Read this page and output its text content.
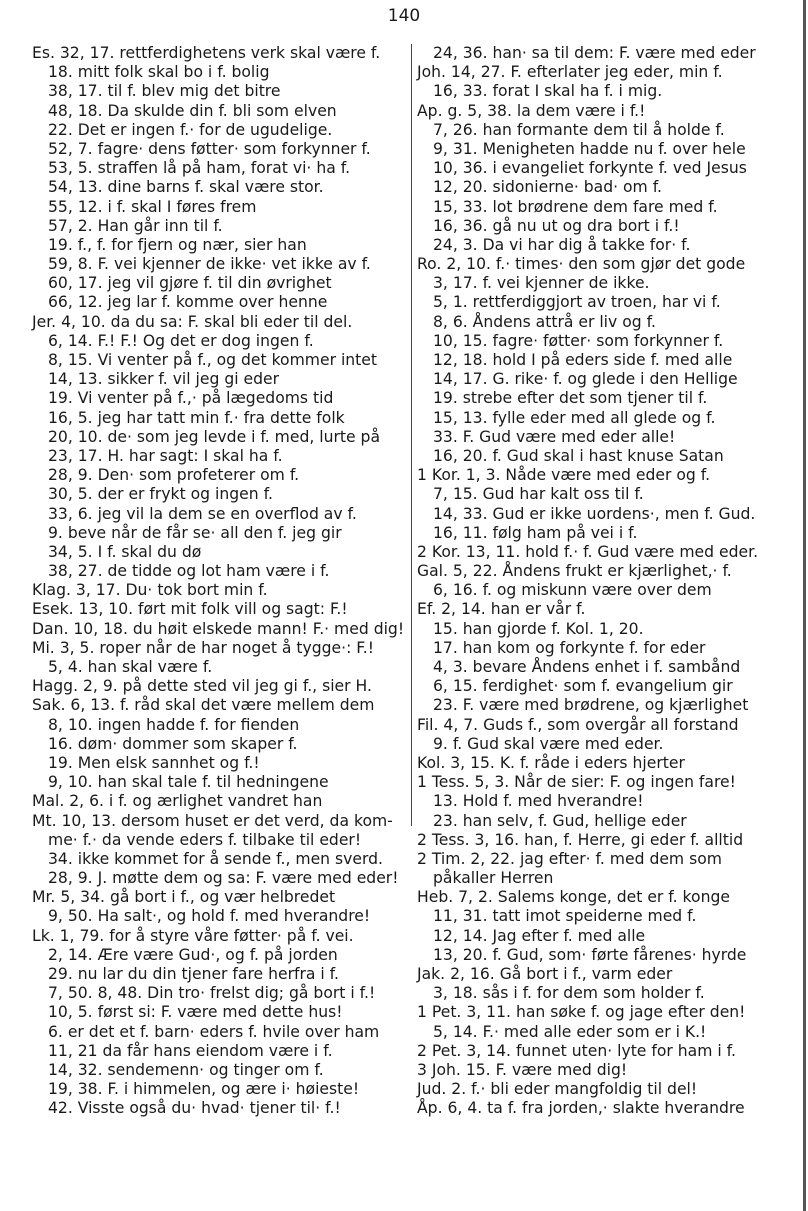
140
Es. 32, 17. rettferdighetens verk skal være f.
18. mitt folk skal bo i f. bolig
38, 17. til f. blev mig det bitre
48, 18. Da skulde din f. bli som elven
22. Det er ingen f.· for de ugudelige.
52, 7. fagre· dens føtter· som forkynner f.
53, 5. straffen lå på ham, forat vi· ha f.
54, 13. dine barns f. skal være stor.
55, 12. i f. skal I føres frem
57, 2. Han går inn til f.
19. f., f. for fjern og nær, sier han
59, 8. F. vei kjenner de ikke· vet ikke av f.
60, 17. jeg vil gjøre f. til din øvrighet
66, 12. jeg lar f. komme over henne
Jer. 4, 10. da du sa: F. skal bli eder til del.
6, 14. F.! F.! Og det er dog ingen f.
8, 15. Vi venter på f., og det kommer intet
14, 13. sikker f. vil jeg gi eder
19. Vi venter på f.,· på lægedoms tid
16, 5. jeg har tatt min f.· fra dette folk
20, 10. de· som jeg levde i f. med, lurte på
23, 17. H. har sagt: I skal ha f.
28, 9. Den· som profeterer om f.
30, 5. der er frykt og ingen f.
33, 6. jeg vil la dem se en overflod av f.
9. beve når de får se· all den f. jeg gir
34, 5. I f. skal du dø
38, 27. de tidde og lot ham være i f.
Klag. 3, 17. Du· tok bort min f.
Esek. 13, 10. ført mit folk vill og sagt: F.!
Dan. 10, 18. du høit elskede mann! F.· med dig!
Mi. 3, 5. roper når de har noget å tygge·: F.!
5, 4. han skal være f.
Hagg. 2, 9. på dette sted vil jeg gi f., sier H.
Sak. 6, 13. f. råd skal det være mellem dem
8, 10. ingen hadde f. for fienden
16. døm· dommer som skaper f.
19. Men elsk sannhet og f.!
9, 10. han skal tale f. til hedningene
Mal. 2, 6. i f. og ærlighet vandret han
Mt. 10, 13. dersom huset er det verd, da kom-
me· f.· da vende eders f. tilbake til eder!
34. ikke kommet for å sende f., men sverd.
28, 9. J. møtte dem og sa: F. være med eder!
Mr. 5, 34. gå bort i f., og vær helbredet
9, 50. Ha salt·, og hold f. med hverandre!
Lk. 1, 79. for å styre våre føtter· på f. vei.
2, 14. Ære være Gud·, og f. på jorden
29. nu lar du din tjener fare herfra i f.
7, 50. 8, 48. Din tro· frelst dig; gå bort i f.!
10, 5. først si: F. være med dette hus!
6. er det et f. barn· eders f. hvile over ham
11, 21 da får hans eiendom være i f.
14, 32. sendemenn· og tinger om f.
19, 38. F. i himmelen, og ære i· høieste!
42. Visste også du· hvad· tjener til· f.!
24, 36. han· sa til dem: F. være med eder
Joh. 14, 27. F. efterlater jeg eder, min f.
16, 33. forat I skal ha f. i mig.
Ap. g. 5, 38. la dem være i f.!
7, 26. han formante dem til å holde f.
9, 31. Menigheten hadde nu f. over hele
10, 36. i evangeliet forkynte f. ved Jesus
12, 20. sidonierne· bad· om f.
15, 33. lot brødrene dem fare med f.
16, 36. gå nu ut og dra bort i f.!
24, 3. Da vi har dig å takke for· f.
Ro. 2, 10. f.· times· den som gjør det gode
3, 17. f. vei kjenner de ikke.
5, 1. rettferdiggjort av troen, har vi f.
8, 6. Åndens attrå er liv og f.
10, 15. fagre· føtter· som forkynner f.
12, 18. hold I på eders side f. med alle
14, 17. G. rike· f. og glede i den Hellige
19. strebe efter det som tjener til f.
15, 13. fylle eder med all glede og f.
33. F. Gud være med eder alle!
16, 20. f. Gud skal i hast knuse Satan
1 Kor. 1, 3. Nåde være med eder og f.
7, 15. Gud har kalt oss til f.
14, 33. Gud er ikke uordens·, men f. Gud.
16, 11. følg ham på vei i f.
2 Kor. 13, 11. hold f.· f. Gud være med eder.
Gal. 5, 22. Åndens frukt er kjærlighet,· f.
6, 16. f. og miskunn være over dem
Ef. 2, 14. han er vår f.
15. han gjorde f. Kol. 1, 20.
17. han kom og forkynte f. for eder
4, 3. bevare Åndens enhet i f. sambånd
6, 15. ferdighet· som f. evangelium gir
23. F. være med brødrene, og kjærlighet
Fil. 4, 7. Guds f., som overgår all forstand
9. f. Gud skal være med eder.
Kol. 3, 15. K. f. råde i eders hjerter
1 Tess. 5, 3. Når de sier: F. og ingen fare!
13. Hold f. med hverandre!
23. han selv, f. Gud, hellige eder
2 Tess. 3, 16. han, f. Herre, gi eder f. alltid
2 Tim. 2, 22. jag efter· f. med dem som
påkaller Herren
Heb. 7, 2. Salems konge, det er f. konge
11, 31. tatt imot speiderne med f.
12, 14. Jag efter f. med alle
13, 20. f. Gud, som· førte fårenes· hyrde
Jak. 2, 16. Gå bort i f., varm eder
3, 18. sås i f. for dem som holder f.
1 Pet. 3, 11. han søke f. og jage efter den!
5, 14. F.· med alle eder som er i K.!
2 Pet. 3, 14. funnet uten· lyte for ham i f.
3 Joh. 15. F. være med dig!
Jud. 2. f.· bli eder mangfoldig til del!
Åp. 6, 4. ta f. fra jorden,· slakte hverandre
